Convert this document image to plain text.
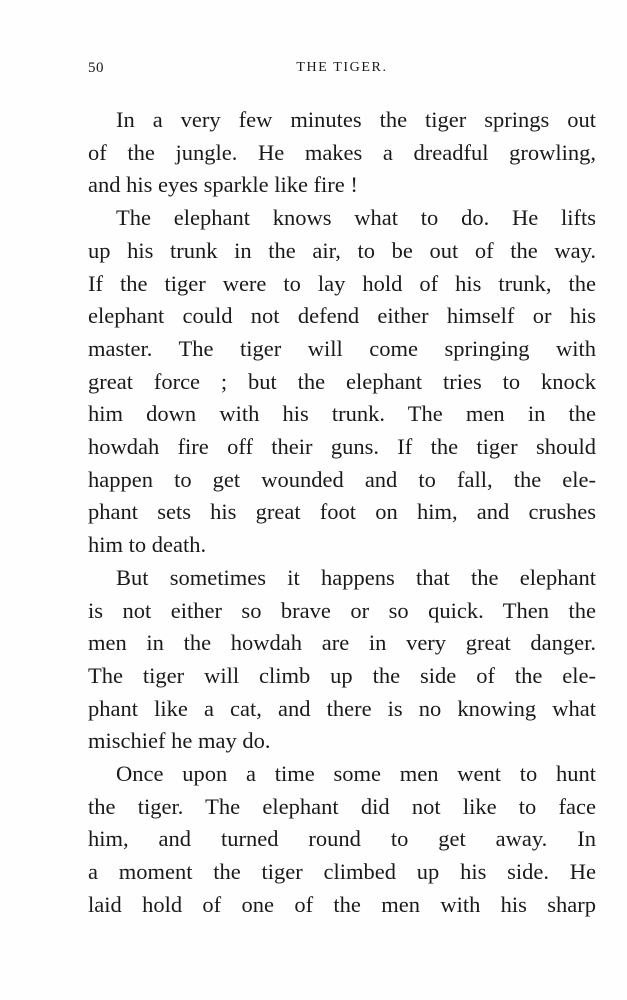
50	THE TIGER.

In a very few minutes the tiger springs out
of the jungle. He makes a dreadful growling,
and his eyes sparkle like fire !

The elephant knows what to do. He lifts
up his trunk in the air, to be out of the way.
If the tiger were to lay hold of his trunk, the
elephant could not defend either himself or his
master. The tiger will come springing with
great force ; but the elephant tries to knock
him down with his trunk. The men in the
howdah fire off their guns. If the tiger should
happen to get wounded and to fall, the ele-
phant sets his great foot on him, and crushes
him to death.

But sometimes it happens that the elephant
is not either so brave or so quick. Then the
men in the howdah are in very great danger.
The tiger will climb up the side of the ele-
phant like a cat, and there is no knowing what
mischief he may do.

Once upon a time some men went to hunt
the tiger. The elephant did not like to face
him, and turned round to get away. In
a moment the tiger climbed up his side. He
laid hold of one of the men with his sharp
